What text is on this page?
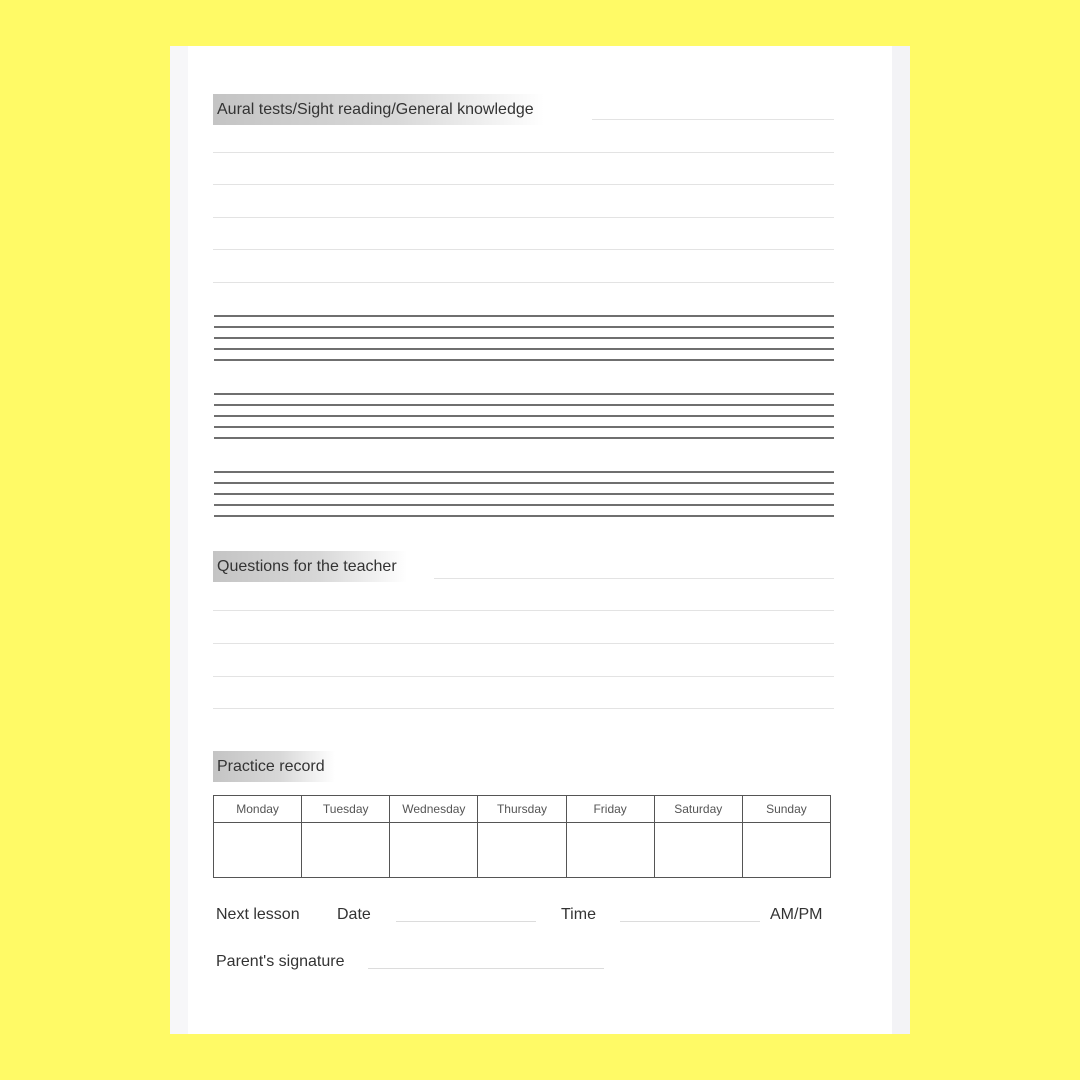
Aural tests/Sight reading/General knowledge
Questions for the teacher
Practice record
Monday	Tuesday	Wednesday	Thursday	Friday	Saturday	Sunday

Next lesson Date	Time	AM/PM
Parent's signature
